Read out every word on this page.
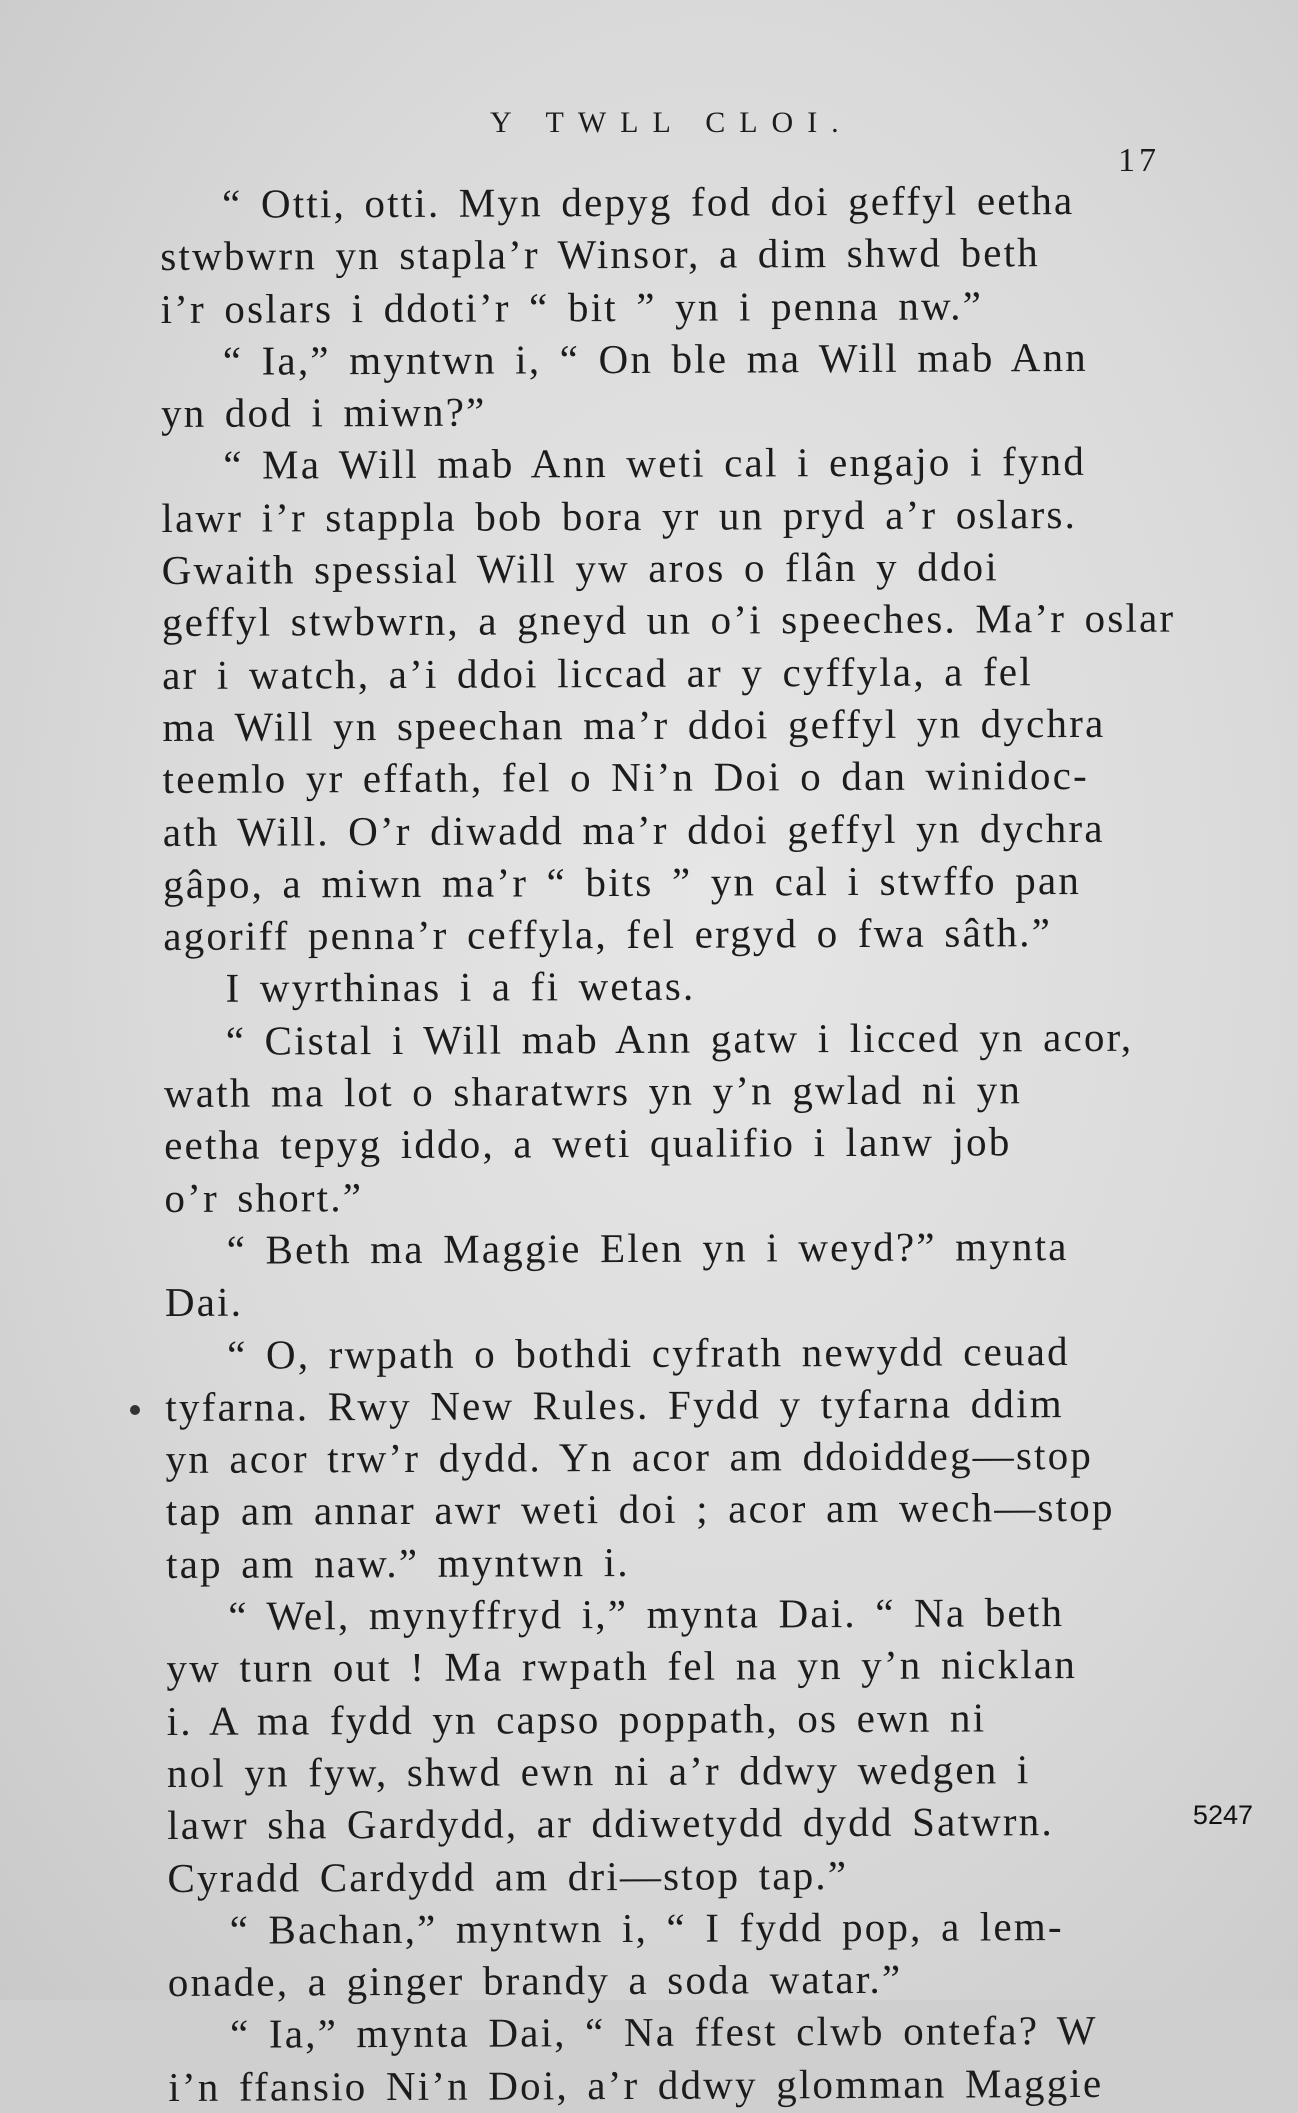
Y TWLL CLOI.
17
“ Otti, otti. Myn depyg fod doi geffyl eetha
stwbwrn yn stapla’r Winsor, a dim shwd beth
i’r oslars i ddoti’r “ bit ” yn i penna nw.”
“ Ia,” myntwn i, “ On ble ma Will mab Ann
yn dod i miwn?”
“ Ma Will mab Ann weti cal i engajo i fynd
lawr i’r stappla bob bora yr un pryd a’r oslars.
Gwaith spessial Will yw aros o flân y ddoi
geffyl stwbwrn, a gneyd un o’i speeches. Ma’r oslar
ar i watch, a’i ddoi liccad ar y cyffyla, a fel
ma Will yn speechan ma’r ddoi geffyl yn dychra
teemlo yr effath, fel o Ni’n Doi o dan winidoc-
ath Will. O’r diwadd ma’r ddoi geffyl yn dychra
gâpo, a miwn ma’r “ bits ” yn cal i stwffo pan
agoriff penna’r ceffyla, fel ergyd o fwa sâth.”
I wyrthinas i a fi wetas.
“ Cistal i Will mab Ann gatw i licced yn acor,
wath ma lot o sharatwrs yn y’n gwlad ni yn
eetha tepyg iddo, a weti qualifio i lanw job
o’r short.”
“ Beth ma Maggie Elen yn i weyd?” mynta
Dai.
“ O, rwpath o bothdi cyfrath newydd ceuad
tyfarna. Rwy New Rules. Fydd y tyfarna ddim
yn acor trw’r dydd. Yn acor am ddoiddeg—stop
tap am annar awr weti doi ; acor am wech—stop
tap am naw.” myntwn i.
“ Wel, mynyffryd i,” mynta Dai. “ Na beth
yw turn out ! Ma rwpath fel na yn y’n nicklan
i. A ma fydd yn capso poppath, os ewn ni
nol yn fyw, shwd ewn ni a’r ddwy wedgen i
lawr sha Gardydd, ar ddiwetydd dydd Satwrn.
Cyradd Cardydd am dri—stop tap.”
“ Bachan,” myntwn i, “ I fydd pop, a lem-
onade, a ginger brandy a soda watar.”
“ Ia,” mynta Dai, “ Na ffest clwb ontefa? W
i’n ffansio Ni’n Doi, a’r ddwy glomman Maggie
5247
